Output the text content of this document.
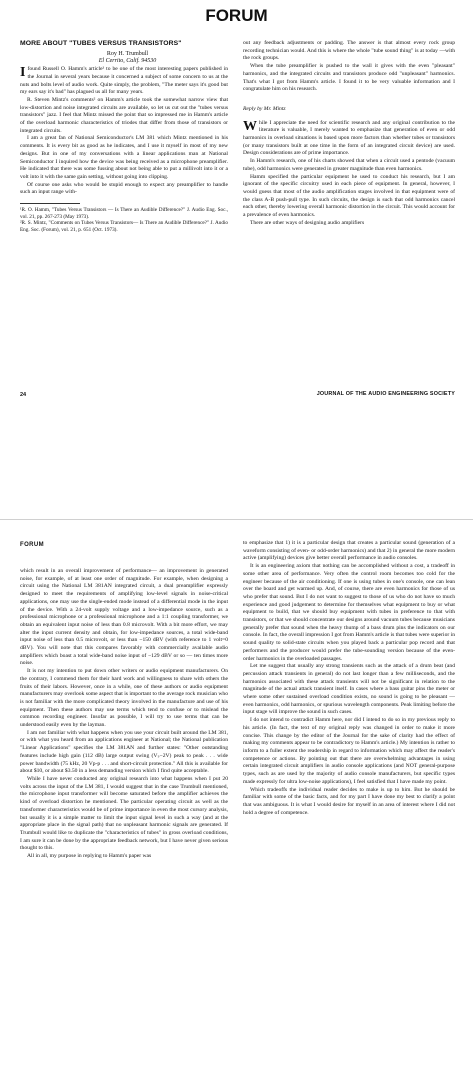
FORUM
MORE ABOUT "TUBES VERSUS TRANSISTORS"

Roy H. Trumbull

El Cerrito, Calif. 94530

Ifound Russell O. Hamm's article¹ to be one of the most interesting papers published in the Journal in several years because it concerned a subject of some concern to us at the nuts and bolts level of audio work. Quite simply, the problem, "The meter says it's good but my ears say it's bad" has plagued us all for many years.

R. Steven Mintz's comments² on Hamm's article took the somewhat narrow view that low-distortion and noise integrated circuits are available, so let us cut out the "tubes versus transistors" jazz. I feel that Mintz missed the point that so impressed me in Hamm's article of the overload harmonic characteristics of triodes that differ from those of transistors or integrated circuits.

I am a great fan of National Semiconductor's LM 381 which Mintz mentioned in his comments. It is every bit as good as he indicates, and I use it myself in most of my new designs. But in one of my conversations with a linear applications man at National Semiconductor I inquired how the device was being received as a microphone preamplifier. He indicated that there was some fussing about not being able to put a millivolt into it or a volt into it with the same gain setting, without going into clipping.

Of course one asks who would be stupid enough to expect any preamplifier to handle such an input range with-

¹R. O. Hamm, "Tubes Versus Transistors — Is There an Audible Difference?" J. Audio Eng. Soc., vol. 21, pp. 267-273 (May 1973).

²R. S. Mintz, "Comments on Tubes Versus Transistors— Is There an Audible Difference?" J. Audio Eng. Soc. (Forum), vol. 21, p. 651 (Oct. 1973).

out any feedback adjustments or padding. The answer is that almost every rock group recording technician would. And this is where the whole "tube sound thing" is at today —with the rock groups.

When the tube preamplifier is pushed to the wall it gives with the even "pleasant" harmonics, and the integrated circuits and transistors produce odd "unpleasant" harmonics. That's what I got from Hamm's article. I found it to be very valuable information and I congratulate him on his research.

Reply by Mr. Mintz

While I appreciate the need for scientific research and any original contribution to the literature is valuable, I merely wanted to emphasize that generation of even or odd harmonics in overload situations is based upon more factors than whether tubes or transistors (or many transistors built at one time in the form of an integrated circuit device) are used. Design considerations are of prime importance.

In Hamm's research, one of his charts showed that when a circuit used a pentode (vacuum tube), odd harmonics were generated in greater magnitude than even harmonics.

Hamm specified the particular equipment he used to conduct his research, but I am ignorant of the specific circuitry used in each piece of equipment. In general, however, I would guess that most of the audio amplification stages involved in that equipment were of the class A-B push-pull type. In such circuits, the design is such that odd harmonics cancel each other, thereby lowering overall harmonic distortion in the circuit. This would account for a prevalence of even harmonics.

There are other ways of designing audio amplifiers

24	JOURNAL OF THE AUDIO ENGINEERING SOCIETY
FORUM

which result in an overall improvement of performance— an improvement in generated noise, for example, of at least one order of magnitude. For example, when designing a circuit using the National LM 381AN integrated circuit, a dual preamplifier expressly designed to meet the requirements of amplifying low-level signals in noise-critical applications, one may use the single-ended mode instead of a differential mode in the input of the device. With a 24-volt supply voltage and a low-impedance source, such as a professional microphone or a professional microphone and a 1:1 coupling transformer, we obtain an equivalent input noise of less than 0.8 microvolt. With a bit more effort, we may alter the input current density and obtain, for low-impedance sources, a total wide-band input noise of less than 0.5 microvolt, or less than −150 dBV (with reference to 1 volt=0 dBV). You will note that this compares favorably with commercially available audio amplifiers which boast a total wide-band noise input of −129 dBV or so — ten times more noise.

It is not my intention to put down other writers or audio equipment manufacturers. On the contrary, I commend them for their hard work and willingness to share with others the fruits of their labors. However, once in a while, one of these authors or audio equipment manufacturers may overlook some aspect that is important to the average rock musician who is not familiar with the more complicated theory involved in the manufacture and use of his equipment. Then these authors may use terms which tend to confuse or to mislead the common recording engineer. Insofar as possible, I will try to use terms that can be understood easily even by the layman.

I am not familiar with what happens when you use your circuit built around the LM 381, or with what you heard from an applications engineer at National; the National publication "Linear Applications" specifies the LM 381AN and further states: "Other outstanding features include high gain (112 dB) large output swing (Vₛ−2V) peak to peak . . . wide power bandwidth (75 kHz, 20 Vp-p . . . and short-circuit protection." All this is available for about $10, or about $3.50 in a less demanding version which I find quite acceptable.

While I have never conducted any original research into what happens when I put 20 volts across the input of the LM 381, I would suggest that in the case Trumbull mentioned, the microphone input transformer will become saturated before the amplifier achieves the kind of overload distortion he mentioned. The particular operating circuit as well as the transformer characteristics would be of prime importance in even the most cursory analysis, but usually it is a simple matter to limit the input signal level in such a way (and at the appropriate place in the signal path) that no unpleasant harmonic signals are generated. If Trumbull would like to duplicate the "characteristics of tubes" in gross overload conditions, I am sure it can be done by the appropriate feedback network, but I have never given serious thought to this.

All in all, my purpose in replying to Hamm's paper was

to emphasize that 1) it is a particular design that creates a particular sound (generation of a waveform consisting of even- or odd-order harmonics) and that 2) in general the more modern active (amplifying) devices give better overall performance in audio consoles.

It is an engineering axiom that nothing can be accomplished without a cost, a tradeoff in some other area of performance. Very often the control room becomes too cold for the engineer because of the air conditioning. If one is using tubes in one's console, one can lean over the board and get warmed up. And, of course, there are even harmonics for those of us who prefer that sound. But I do not want to suggest to those of us who do not have so much experience and good judgement to determine for themselves what equipment to buy or what equipment to build, that we should buy equipment with tubes in preference to that with transistors, or that we should concentrate our designs around vacuum tubes because musicians generally prefer that sound when the heavy thump of a bass drum pins the indicators on our console. In fact, the overall impression I got from Hamm's article is that tubes were superior in sound quality to solid-state circuits when you played back a particular pop record and that performers and the producer would prefer the tube-sounding version because of the even-order harmonics in the overloaded passages.

Let me suggest that usually any strong transients such as the attack of a drum beat (and percussion attack transients in general) do not last longer than a few milliseconds, and the harmonics associated with these attack transients will not be significant in relation to the magnitude of the actual attack transient itself. In cases where a bass guitar pins the meter or where some other sustained overload condition exists, no sound is going to be pleasant — even harmonics, odd harmonics, or spurious wavelength components. Peak limiting before the input stage will improve the sound in such cases.

I do not intend to contradict Hamm here, nor did I intend to do so in my previous reply to his article. (In fact, the text of my original reply was changed in order to make it more concise. This change by the editor of the Journal for the sake of clarity had the effect of making my comments appear to be contradictory to Hamm's article.) My intention is rather to inform to a fuller extent the readership in regard to information which may affect the reader's competence or actions. By pointing out that there are overwhelming advantages in using certain integrated circuit amplifiers in audio console applications (and NOT general-purpose types, such as are used by the majority of audio console manufacturers, but specific types made expressly for ultra low-noise applications), I feel satisfied that I have made my point.

Which tradeoffs the individual reader decides to make is up to him. But he should be familiar with some of the basic facts, and for my part I have done my best to clarify a point that was ambiguous. It is what I would desire for myself in an area of interest where I did not hold a degree of competence.
